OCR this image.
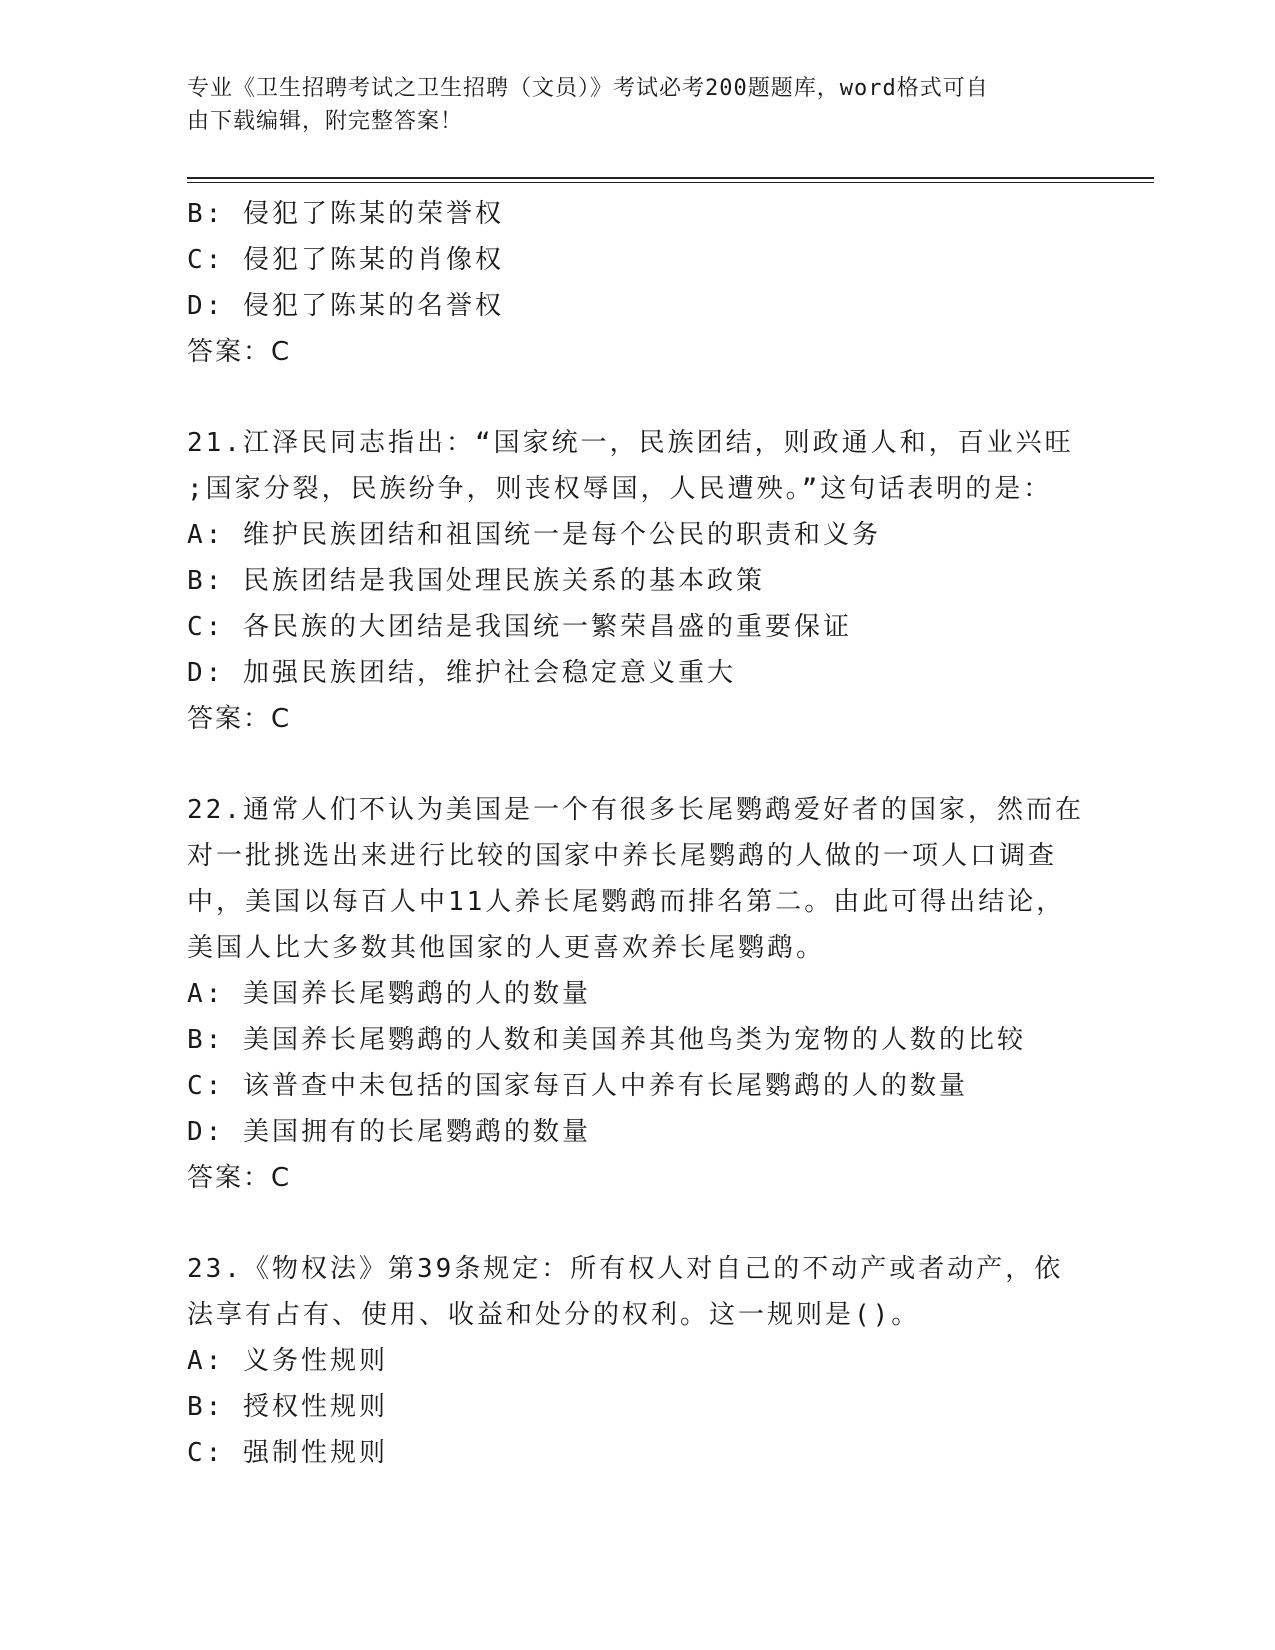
专业《卫生招聘考试之卫生招聘（文员）》考试必考200题题库，word格式可自
由下载编辑，附完整答案！
B: 侵犯了陈某的荣誉权
C: 侵犯了陈某的肖像权
D: 侵犯了陈某的名誉权
答案：C
21.江泽民同志指出：“国家统一，民族团结，则政通人和，百业兴旺
;国家分裂，民族纷争，则丧权辱国，人民遭殃。”这句话表明的是：
A: 维护民族团结和祖国统一是每个公民的职责和义务
B: 民族团结是我国处理民族关系的基本政策
C: 各民族的大团结是我国统一繁荣昌盛的重要保证
D: 加强民族团结，维护社会稳定意义重大
答案：C
22.通常人们不认为美国是一个有很多长尾鹦鹉爱好者的国家，然而在
对一批挑选出来进行比较的国家中养长尾鹦鹉的人做的一项人口调查
中，美国以每百人中11人养长尾鹦鹉而排名第二。由此可得出结论，
美国人比大多数其他国家的人更喜欢养长尾鹦鹉。
A: 美国养长尾鹦鹉的人的数量
B: 美国养长尾鹦鹉的人数和美国养其他鸟类为宠物的人数的比较
C: 该普查中未包括的国家每百人中养有长尾鹦鹉的人的数量
D: 美国拥有的长尾鹦鹉的数量
答案：C
23.《物权法》第39条规定：所有权人对自己的不动产或者动产，依
法享有占有、使用、收益和处分的权利。这一规则是()。
A: 义务性规则
B: 授权性规则
C: 强制性规则
